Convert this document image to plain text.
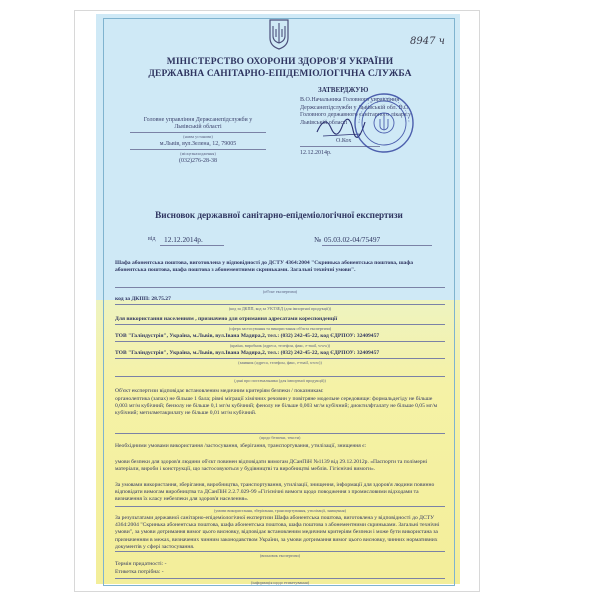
8947 ч
МІНІСТЕРСТВО ОХОРОНИ ЗДОРОВ'Я УКРАЇНИ
ДЕРЖАВНА САНІТАРНО-ЕПІДЕМІОЛОГІЧНА СЛУЖБА
ЗАТВЕРДЖУЮ
В.О.Начальника Головного управління
Держсанепідслужби у Львівській обл. В.О.
Головного державного санітарного лікаря у
Львівській області
О.Кох
12.12.2014р.
Головне управління Держсанепідслужби у
Львівській області
(назва установи)
м.Львів, вул.Зелена, 12, 79005
(місцезнаходження)
(032)276-28-38
Висновок державної санітарно-епідеміологічної експертизи
від 12.12.2014р.	№ 05.03.02-04/75497
Шафа абонентська поштова, виготовлена у відповідності до ДСТУ 4364:2004 "Скринька абонентська поштова, шафа абонентська поштова, шафа поштова з абонементними скриньками. Загальні технічні умови".
(об'єкт експертизи)
код за ДКПП: 28.75.27
(код за ДКПП, код за УКТЗЕД (для імпортної продукції))
Для використання населенням , призначено для отримання адресатами кореспонденції
(сфера застосування та використання об'єкта експертизи)
ТОВ "Галіндустрія", Україна, м.Львів, вул.Івана Мадяра,2, тел.: (032) 242-45-22, код ЄДРПОУ: 32409457
(країна, виробник (адреса, телефон, факс, e-mail, www))
ТОВ "Галіндустрія", Україна, м.Львів, вул.Івана Мадяра,2, тел.: (032) 242-45-22, код ЄДРПОУ: 32409457
(заявник (адреса, телефон, факс, e-mail, www))
(дані про постачальника (для імпортної продукції))
Об'єкт експертизи відповідає встановленим медичним критеріям безпеки / показникам:
органолептика (запах) не більше 1 бала; рівні міграції хімічних речовин у повітряне модельне середовище: формальдегіду не більше 0,003 мг/м кубічний; бензолу не більше 0,1 мг/м кубічний; фенолу не більше 0,003 мг/м кубічний; диоктилфталату не більше 0,05 мг/м кубічний; метилметакрилату не більше 0,01 мг/м кубічний.
(щодо безпеки, тексти)
Необхідними умовами використання /застосування, зберігання, транспортування, утилізації, знищення є:
умови безпеки для здоров'я людини об'єкт повинен відповідати вимогам ДСанПіН №1139 від 29.12.2012р. «Паспорти та полімерні матеріали, вироби і конструкції, що застосовуються у будівництві та виробництві меблів. Гігієнічні вимоги».
За умовами використання, зберігання, виробництва, транспортування, утилізації, знищення, інформації для здоров'я людини повинно відповідати вимогам виробництва та ДСанПіН 2.2.7.029-99 «Гігієнічні вимоги щодо поводження з промисловими відходами та визначення їх класу небезпеки для здоров'я населення».
(умови використання, зберігання, транспортування, утилізації, знищення)
За результатами державної санітарно-епідеміологічної експертизи Шафа абонентська поштова, виготовлена у відповідності до ДСТУ 4364:2004 "Скринька абонентська поштова, шафа абонентська поштова, шафа поштова з абонементними скриньками. Загальні технічні умови", за умови дотримання вимог цього висновку, відповідає встановленим медичним критеріям безпеки і може бути використана за призначенням в межах, визначених чинним законодавством України, за умови дотримання вимог цього висновку, чинних нормативних документів у сфері застосування.
(висновок експертизи)
Термін придатності: -
Етикетка потрібна: -
(інформація щодо етикетування)
